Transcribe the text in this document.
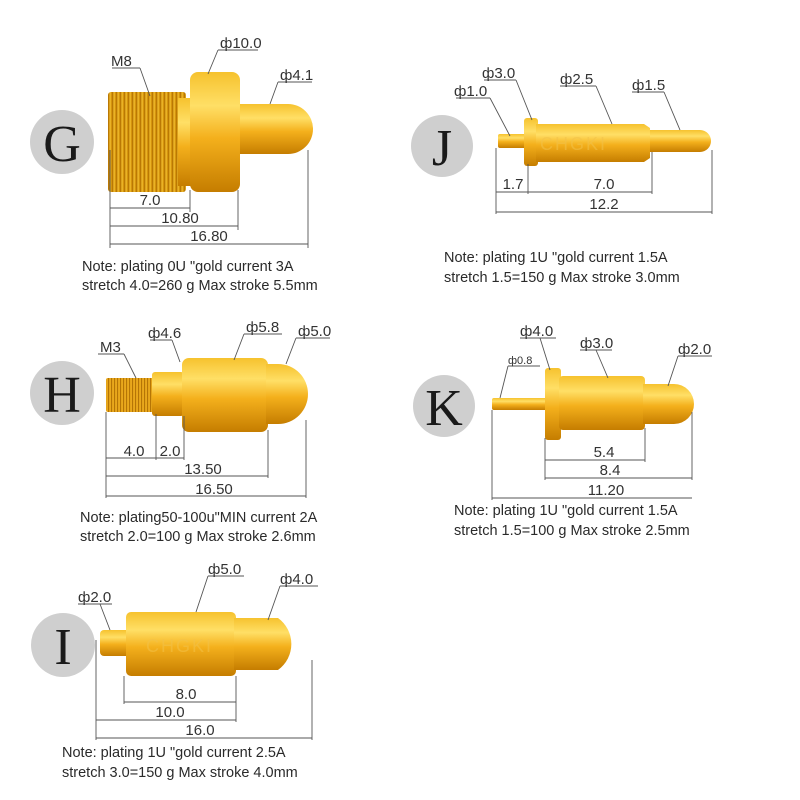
G
M8
ф10.0
ф4.1
7.0
10.80
16.80
Note: plating 0U "gold current 3A
stretch 4.0=260 g Max stroke 5.5mm
J	CHGKI
ф1.0
ф3.0	ф2.5	ф1.5
1.7	7.0
12.2
Note: plating 1U "gold current 1.5A
stretch 1.5=150 g Max stroke 3.0mm
H
M3
ф4.6	ф5.8 ф5.0
4.0 2.0
13.50
16.50
Note: plating50-100u"MIN current 2A
stretch 2.0=100 g Max stroke 2.6mm
K
ф0.8
ф4.0
ф3.0	ф2.0
5.4
8.4
11.20
Note: plating 1U "gold current 1.5A
stretch 1.5=100 g Max stroke 2.5mm
I	CHGKI
ф2.0
ф5.0
ф4.0
8.0
10.0
16.0
Note: plating 1U "gold current 2.5A
stretch 3.0=150 g Max stroke 4.0mm
